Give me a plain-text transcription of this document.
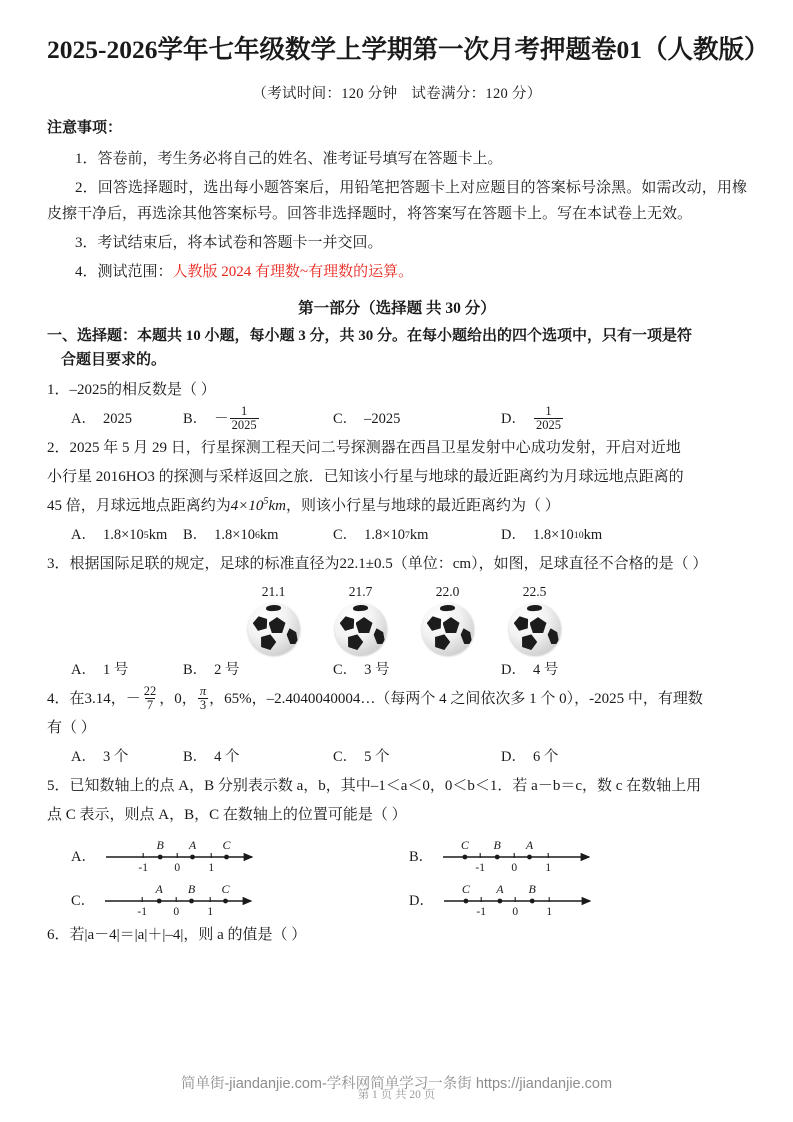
2025-2026学年七年级数学上学期第一次月考押题卷01（人教版）
（考试时间：120 分钟 试卷满分：120 分）
注意事项：
1．答卷前，考生务必将自己的姓名、准考证号填写在答题卡上。
2．回答选择题时，选出每小题答案后，用铅笔把答题卡上对应题目的答案标号涂黑。如需改动，用橡皮擦干净后，再选涂其他答案标号。回答非选择题时，将答案写在答题卡上。写在本试卷上无效。
3．考试结束后，将本试卷和答题卡一并交回。
4．测试范围：人教版 2024 有理数~有理数的运算。
第一部分（选择题 共 30 分）
一、选择题：本题共 10 小题，每小题 3 分，共 30 分。在每小题给出的四个选项中，只有一项是符
合题目要求的。
1．–2025的相反数是（ ）
A． 2025	B． － $\frac{1}{2025}$	C． –2025	D． $\frac{1}{2025}$
2．2025 年 5 月 29 日，行星探测工程天问二号探测器在西昌卫星发射中心成功发射，开启对近地
小行星 2016HO3 的探测与采样返回之旅．已知该小行星与地球的最近距离约为月球远地点距离的
45 倍，月球远地点距离约为$4\times 10^5km$，则该小行星与地球的最近距离约为（ ）
A． 1.8×10 5 km B． 1.8×10 6 km	C． 1.8×10 7 km	D． 1.8×10 10 km
3．根据国际足联的规定，足球的标准直径为22.1±0.5（单位：cm），如图，足球直径不合格的是（ ）
21.1	21.7	22.0	22.5
A． 1 号	B． 2 号	C． 3 号	D． 4 号
4．在3.14，－ $\frac{22}{7}$ ，0， $\frac{\pi}{3}$ ，65%，–2.4040040004…（每两个 4 之间依次多 1 个 0），-2025 中，有理数
有（ ）
A． 3 个	B． 4 个	C． 5 个	D． 6 个
5．已知数轴上的点 A，B 分别表示数 a，b，其中–1＜a＜0，0＜b＜1．若 a－b＝c，数 c 在数轴上用
点 C 表示，则点 A，B，C 在数轴上的位置可能是（ ）
A．
-1 0 1
B A C
B．
-1 0 1
C B A
C．
-1 0 1
A B C
D．
-1 0 1
C A B
6．若|a－4|＝|a|＋|–4|，则 a 的值是（ ）
第 1 页 共 20 页
简单街-jiandanjie.com-学科网简单学习一条街 https://jiandanjie.com
